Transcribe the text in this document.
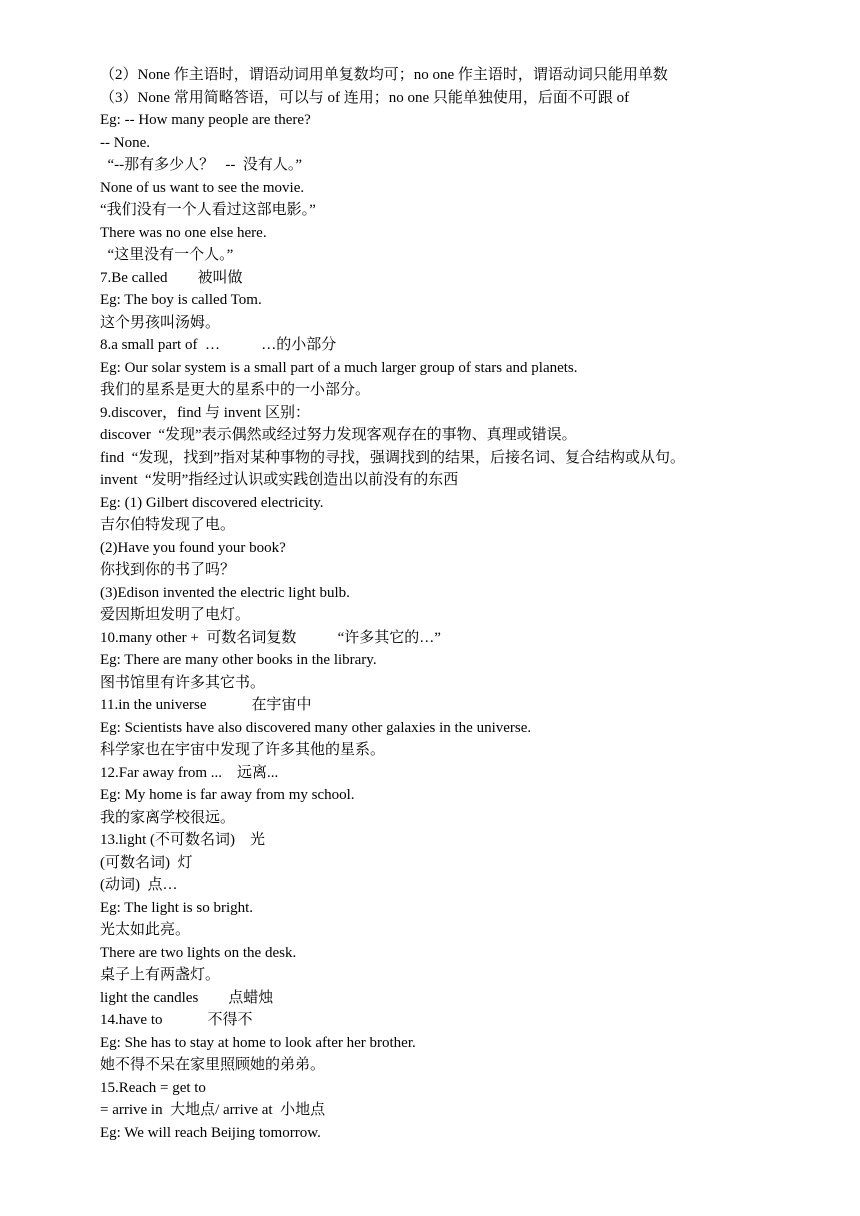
（2）None 作主语时，谓语动词用单复数均可；no one 作主语时，谓语动词只能用单数
（3）None 常用简略答语，可以与 of 连用；no one 只能单独使用，后面不可跟 of
Eg: -- How many people are there?
-- None.
“--那有多少人？   --  没有人。”
None of us want to see the movie.
“我们没有一个人看过这部电影。”
There was no one else here.
“这里没有一个人。”
7.Be called        被叫做
Eg: The boy is called Tom.
这个男孩叫汤姆。
8.a small part of  …           …的小部分
Eg: Our solar system is a small part of a much larger group of stars and planets.
我们的星系是更大的星系中的一小部分。
9.discover，find 与 invent 区别：
discover  “发现”表示偶然或经过努力发现客观存在的事物、真理或错误。
find  “发现，找到”指对某种事物的寻找，强调找到的结果，后接名词、复合结构或从句。
invent  “发明”指经过认识或实践创造出以前没有的东西
Eg: (1) Gilbert discovered electricity.
吉尔伯特发现了电。
(2)Have you found your book?
你找到你的书了吗？
(3)Edison invented the electric light bulb.
爱因斯坦发明了电灯。
10.many other +  可数名词复数           “许多其它的…”
Eg: There are many other books in the library.
图书馆里有许多其它书。
11.in the universe            在宇宙中
Eg: Scientists have also discovered many other galaxies in the universe.
科学家也在宇宙中发现了许多其他的星系。
12.Far away from ...    远离...
Eg: My home is far away from my school.
我的家离学校很远。
13.light (不可数名词)    光
(可数名词)  灯
(动词)  点…
Eg: The light is so bright.
光太如此亮。
There are two lights on the desk.
桌子上有两盏灯。
light the candles        点蜡烛
14.have to            不得不
Eg: She has to stay at home to look after her brother.
她不得不呆在家里照顾她的弟弟。
15.Reach = get to
= arrive in  大地点/ arrive at  小地点
Eg: We will reach Beijing tomorrow.
